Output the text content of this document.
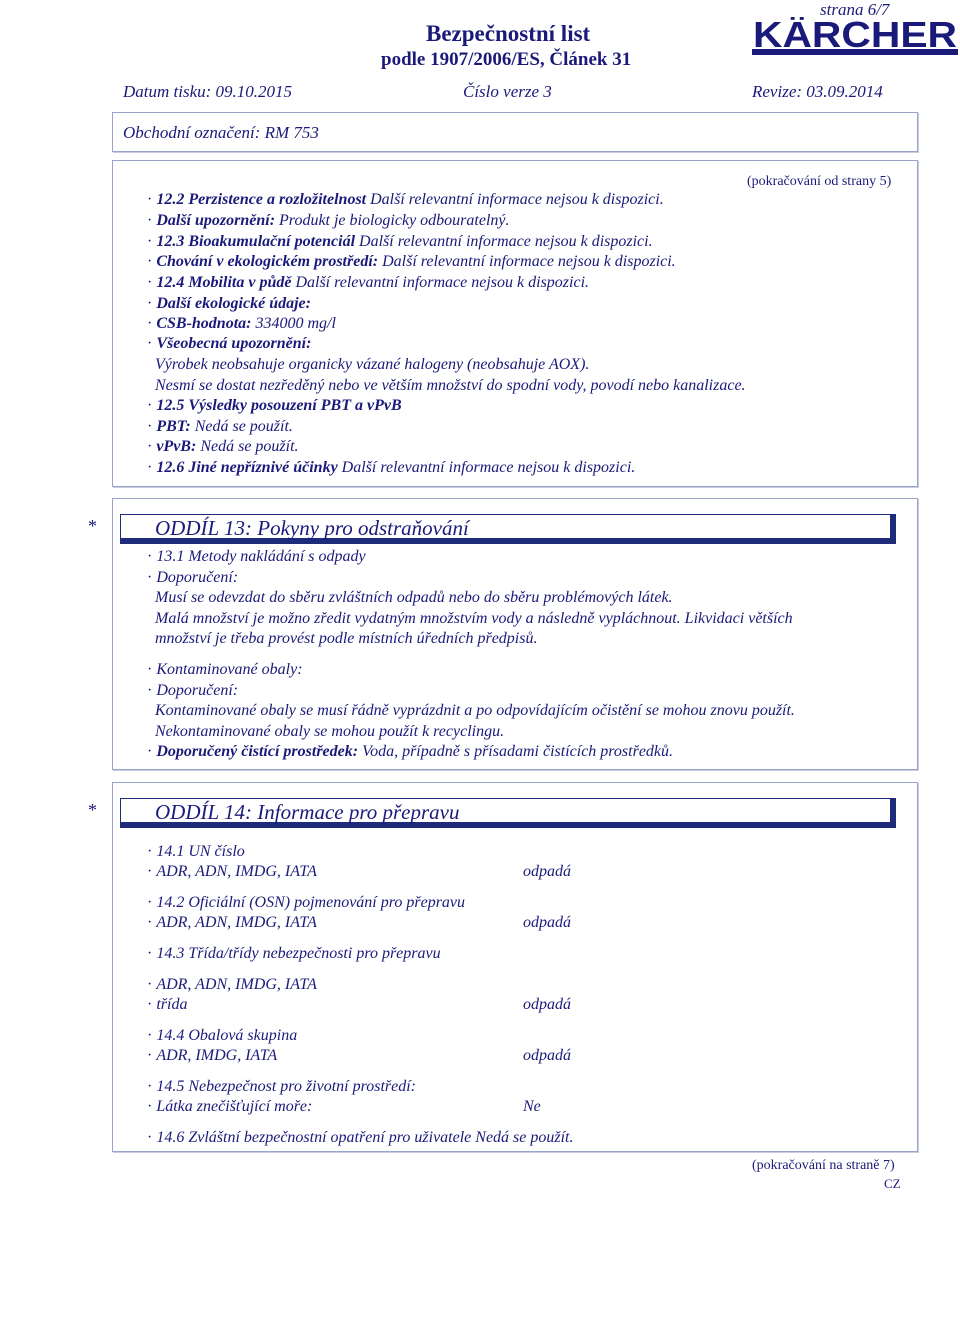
strana 6/7
Bezpečnostní list
podle 1907/2006/ES, Článek 31
KÄRCHER
Datum tisku: 09.10.2015	Číslo verze 3	Revize: 03.09.2014
Obchodní označení: RM 753
(pokračování od strany 5)
· 12.2 Perzistence a rozložitelnost Další relevantní informace nejsou k dispozici.
· Další upozornění: Produkt je biologicky odbouratelný.
· 12.3 Bioakumulační potenciál Další relevantní informace nejsou k dispozici.
· Chování v ekologickém prostředí: Další relevantní informace nejsou k dispozici.
· 12.4 Mobilita v půdě Další relevantní informace nejsou k dispozici.
· Další ekologické údaje:
· CSB-hodnota: 334000 mg/l
· Všeobecná upozornění:
Výrobek neobsahuje organicky vázané halogeny (neobsahuje AOX).
Nesmí se dostat nezředěný nebo ve větším množství do spodní vody, povodí nebo kanalizace.
· 12.5 Výsledky posouzení PBT a vPvB
· PBT: Nedá se použít.
· vPvB: Nedá se použít.
· 12.6 Jiné nepříznivé účinky Další relevantní informace nejsou k dispozici.
*	ODDÍL 13: Pokyny pro odstraňování
· 13.1 Metody nakládání s odpady
· Doporučení:
Musí se odevzdat do sběru zvláštních odpadů nebo do sběru problémových látek.
Malá množství je možno zředit vydatným množstvím vody a následně vypláchnout. Likvidaci větších
množství je třeba provést podle místních úředních předpisů.
· Kontaminované obaly:
· Doporučení:
Kontaminované obaly se musí řádně vyprázdnit a po odpovídajícím očistění se mohou znovu použít.
Nekontaminované obaly se mohou použít k recyclingu.
· Doporučený čistící prostředek: Voda, případně s přísadami čistících prostředků.
*	ODDÍL 14: Informace pro přepravu
· 14.1 UN číslo
· ADR, ADN, IMDG, IATA	odpadá
· 14.2 Oficiální (OSN) pojmenování pro přepravu
· ADR, ADN, IMDG, IATA	odpadá
· 14.3 Třída/třídy nebezpečnosti pro přepravu
· ADR, ADN, IMDG, IATA
· třída	odpadá
· 14.4 Obalová skupina
· ADR, IMDG, IATA	odpadá
· 14.5 Nebezpečnost pro životní prostředí:
· Látka znečišťující moře:	Ne
· 14.6 Zvláštní bezpečnostní opatření pro uživatele Nedá se použít.
(pokračování na straně 7)
CZ
